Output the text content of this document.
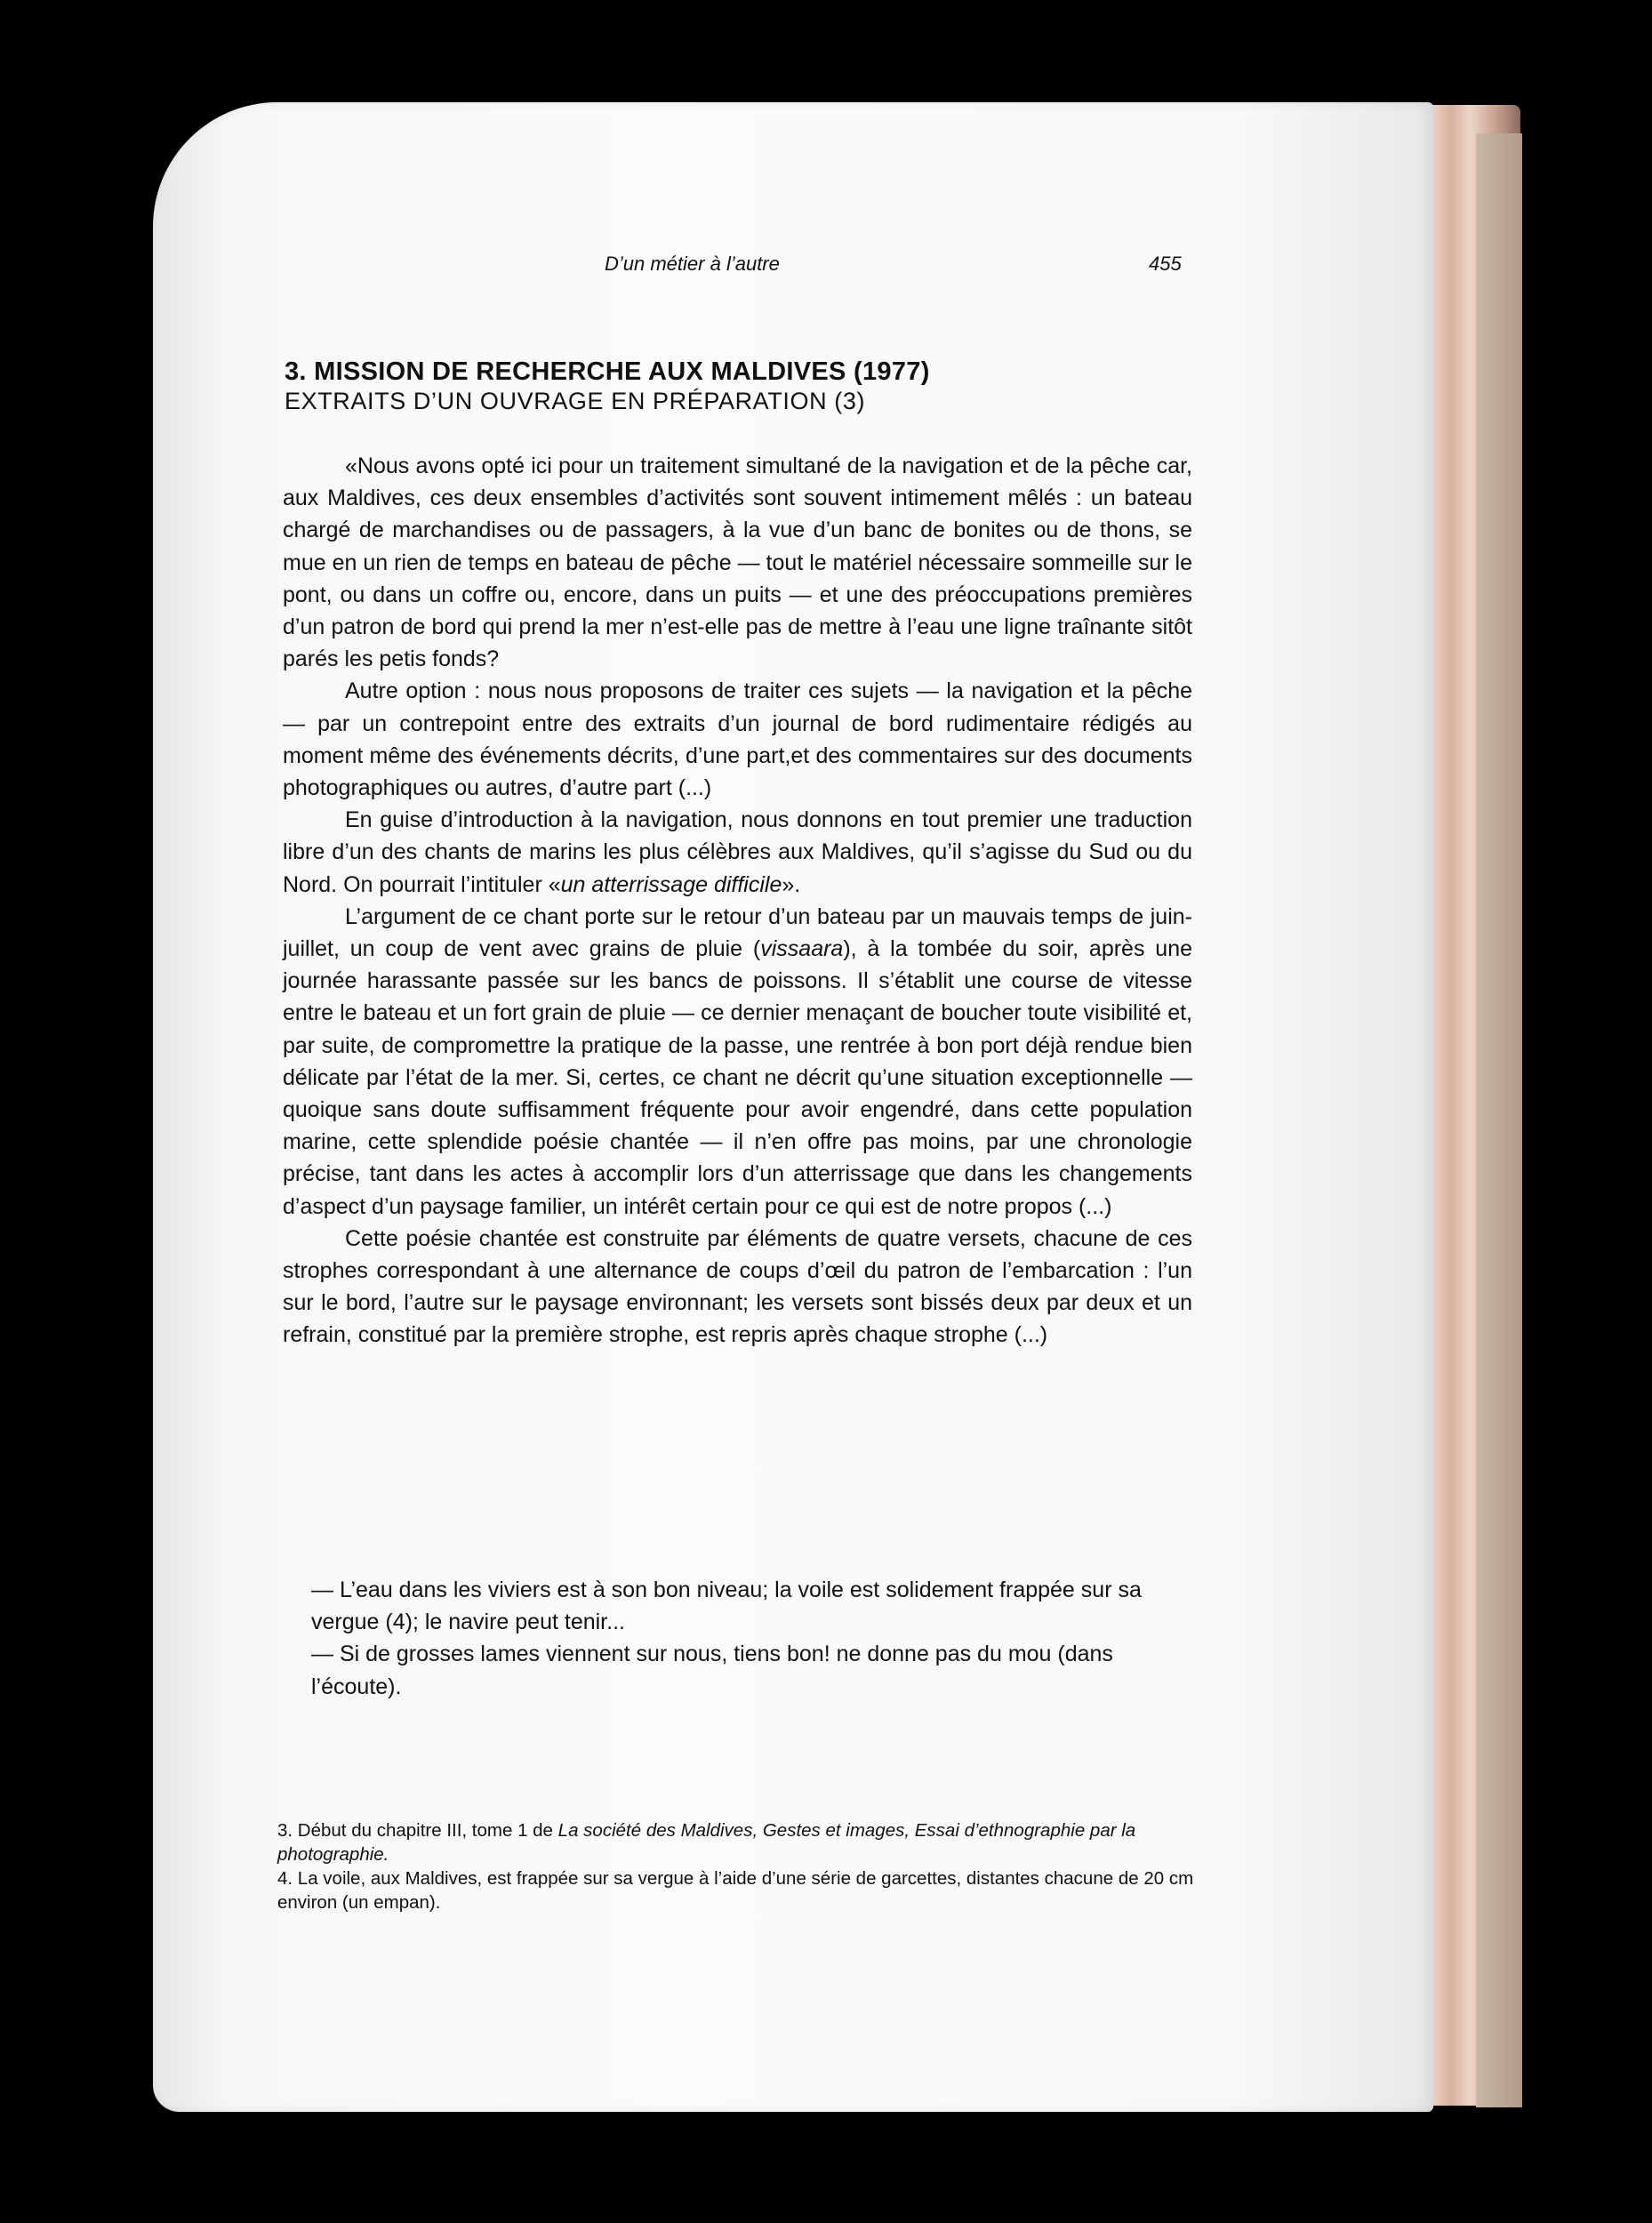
D’un métier à l’autre	455
3. MISSION DE RECHERCHE AUX MALDIVES (1977)
EXTRAITS D’UN OUVRAGE EN PRÉPARATION (3)

«Nous avons opté ici pour un traitement simultané de la navigation et de la pêche car, aux Maldives, ces deux ensembles d’activités sont souvent intimement mêlés : un bateau chargé de marchandises ou de passagers, à la vue d’un banc de bonites ou de thons, se mue en un rien de temps en bateau de pêche — tout le matériel nécessaire sommeille sur le pont, ou dans un coffre ou, encore, dans un puits — et une des préoccupations premières d’un patron de bord qui prend la mer n’est-elle pas de mettre à l’eau une ligne traînante sitôt parés les petis fonds?

Autre option : nous nous proposons de traiter ces sujets — la navigation et la pêche — par un contrepoint entre des extraits d’un journal de bord rudimentaire rédigés au moment même des événements décrits, d’une part,et des commentaires sur des documents photographiques ou autres, d’autre part (...)

En guise d’introduction à la navigation, nous donnons en tout premier une traduction libre d’un des chants de marins les plus célèbres aux Maldives, qu’il s’agisse du Sud ou du Nord. On pourrait l’intituler «un atterrissage difficile».

L’argument de ce chant porte sur le retour d’un bateau par un mauvais temps de juin-juillet, un coup de vent avec grains de pluie (vissaara), à la tombée du soir, après une journée harassante passée sur les bancs de poissons. Il s’établit une course de vitesse entre le bateau et un fort grain de pluie — ce dernier menaçant de boucher toute visibilité et, par suite, de compromettre la pratique de la passe, une rentrée à bon port déjà rendue bien délicate par l’état de la mer. Si, certes, ce chant ne décrit qu’une situation exceptionnelle — quoique sans doute suffisamment fréquente pour avoir engendré, dans cette population marine, cette splendide poésie chantée — il n’en offre pas moins, par une chronologie précise, tant dans les actes à accomplir lors d’un atterrissage que dans les changements d’aspect d’un paysage familier, un intérêt certain pour ce qui est de notre propos (...)

Cette poésie chantée est construite par éléments de quatre versets, chacune de ces strophes correspondant à une alternance de coups d’œil du patron de l’embarcation : l’un sur le bord, l’autre sur le paysage environnant; les versets sont bissés deux par deux et un refrain, constitué par la première strophe, est repris après chaque strophe (...)

— L’eau dans les viviers est à son bon niveau; la voile est solidement frappée sur sa vergue (4); le navire peut tenir...

— Si de grosses lames viennent sur nous, tiens bon! ne donne pas du mou (dans l’écoute).

3. Début du chapitre III, tome 1 de La société des Maldives, Gestes et images, Essai d’ethnographie par la photographie.

4. La voile, aux Maldives, est frappée sur sa vergue à l’aide d’une série de garcettes, distantes chacune de 20 cm environ (un empan).
